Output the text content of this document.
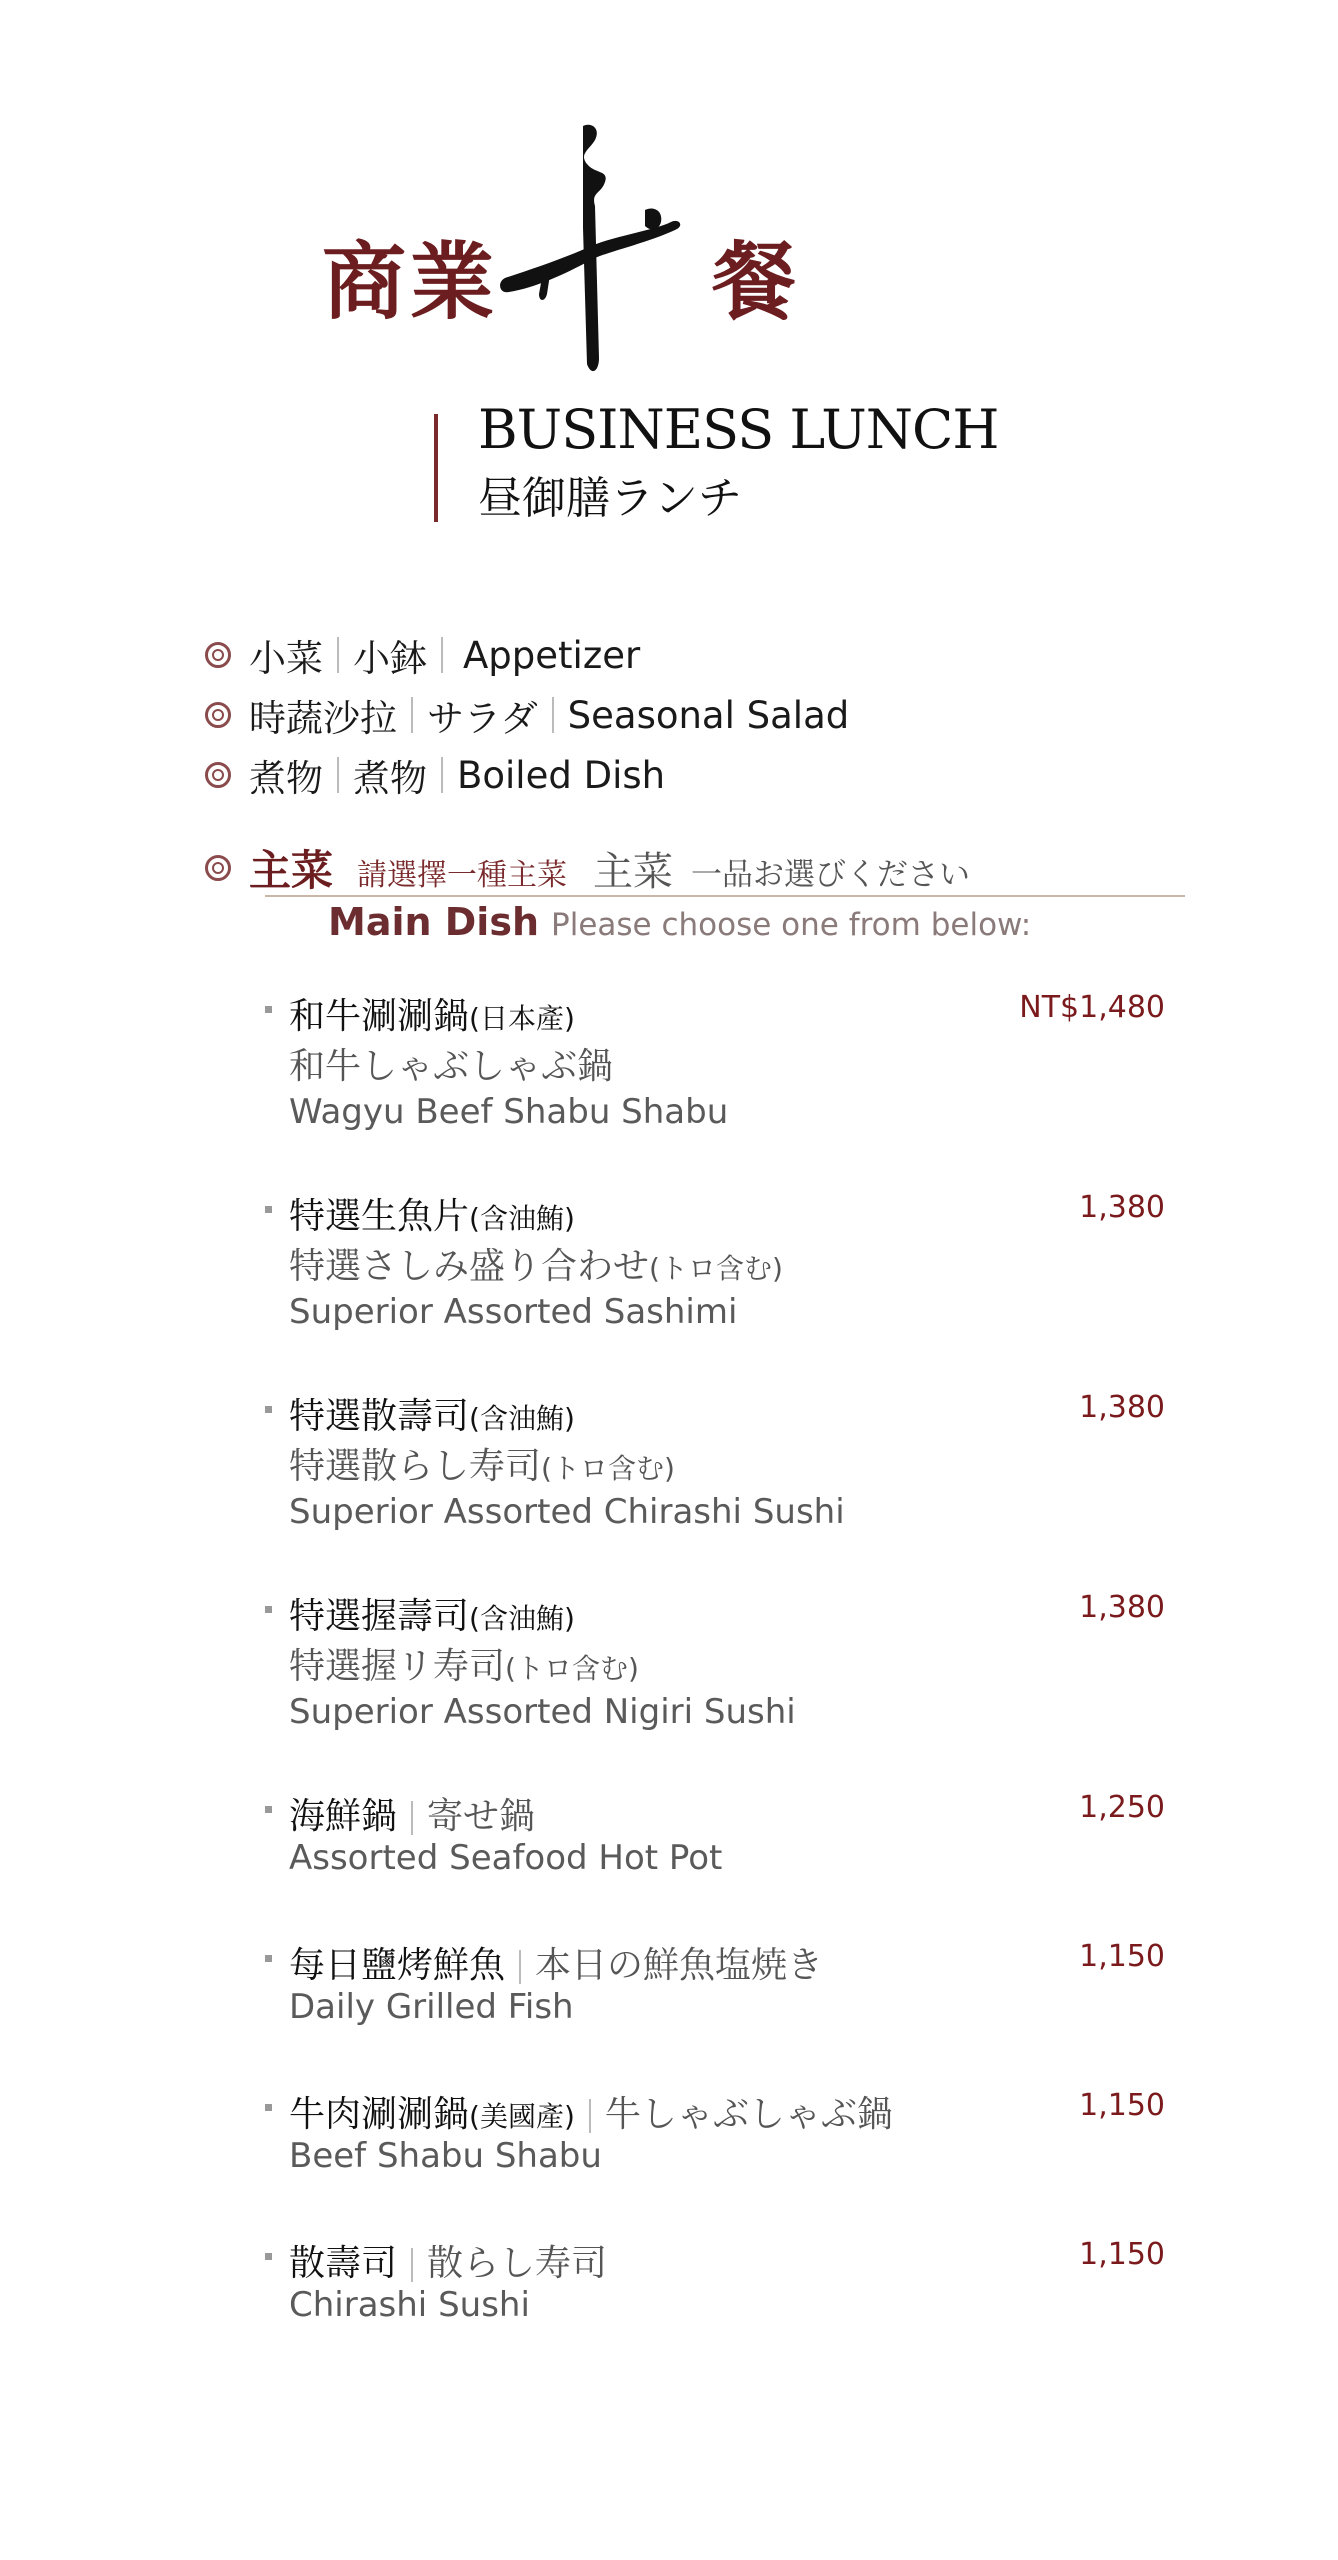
商業	餐
BUSINESS LUNCH
昼御膳ランチ
小菜 小鉢 Appetizer
時蔬沙拉 サラダ Seasonal Salad
煮物 煮物 Boiled Dish
主菜 請選擇一種主菜 主菜 一品お選びください
Main Dish Please choose one from below:
和牛涮涮鍋(日本產)
和牛しゃぶしゃぶ鍋
Wagyu Beef Shabu Shabu
NT$1,480
特選生魚片(含油鮪)
特選さしみ盛り合わせ(トロ含む)
Superior Assorted Sashimi
1,380
特選散壽司(含油鮪)
特選散らし寿司(トロ含む)
Superior Assorted Chirashi Sushi
1,380
特選握壽司(含油鮪)
特選握リ寿司(トロ含む)
Superior Assorted Nigiri Sushi
1,380
海鮮鍋 寄せ鍋
Assorted Seafood Hot Pot
1,250
每日鹽烤鮮魚 本日の鮮魚塩焼き
Daily Grilled Fish
1,150
牛肉涮涮鍋(美國產) 牛しゃぶしゃぶ鍋
Beef Shabu Shabu
1,150
散壽司 散らし寿司
Chirashi Sushi
1,150
